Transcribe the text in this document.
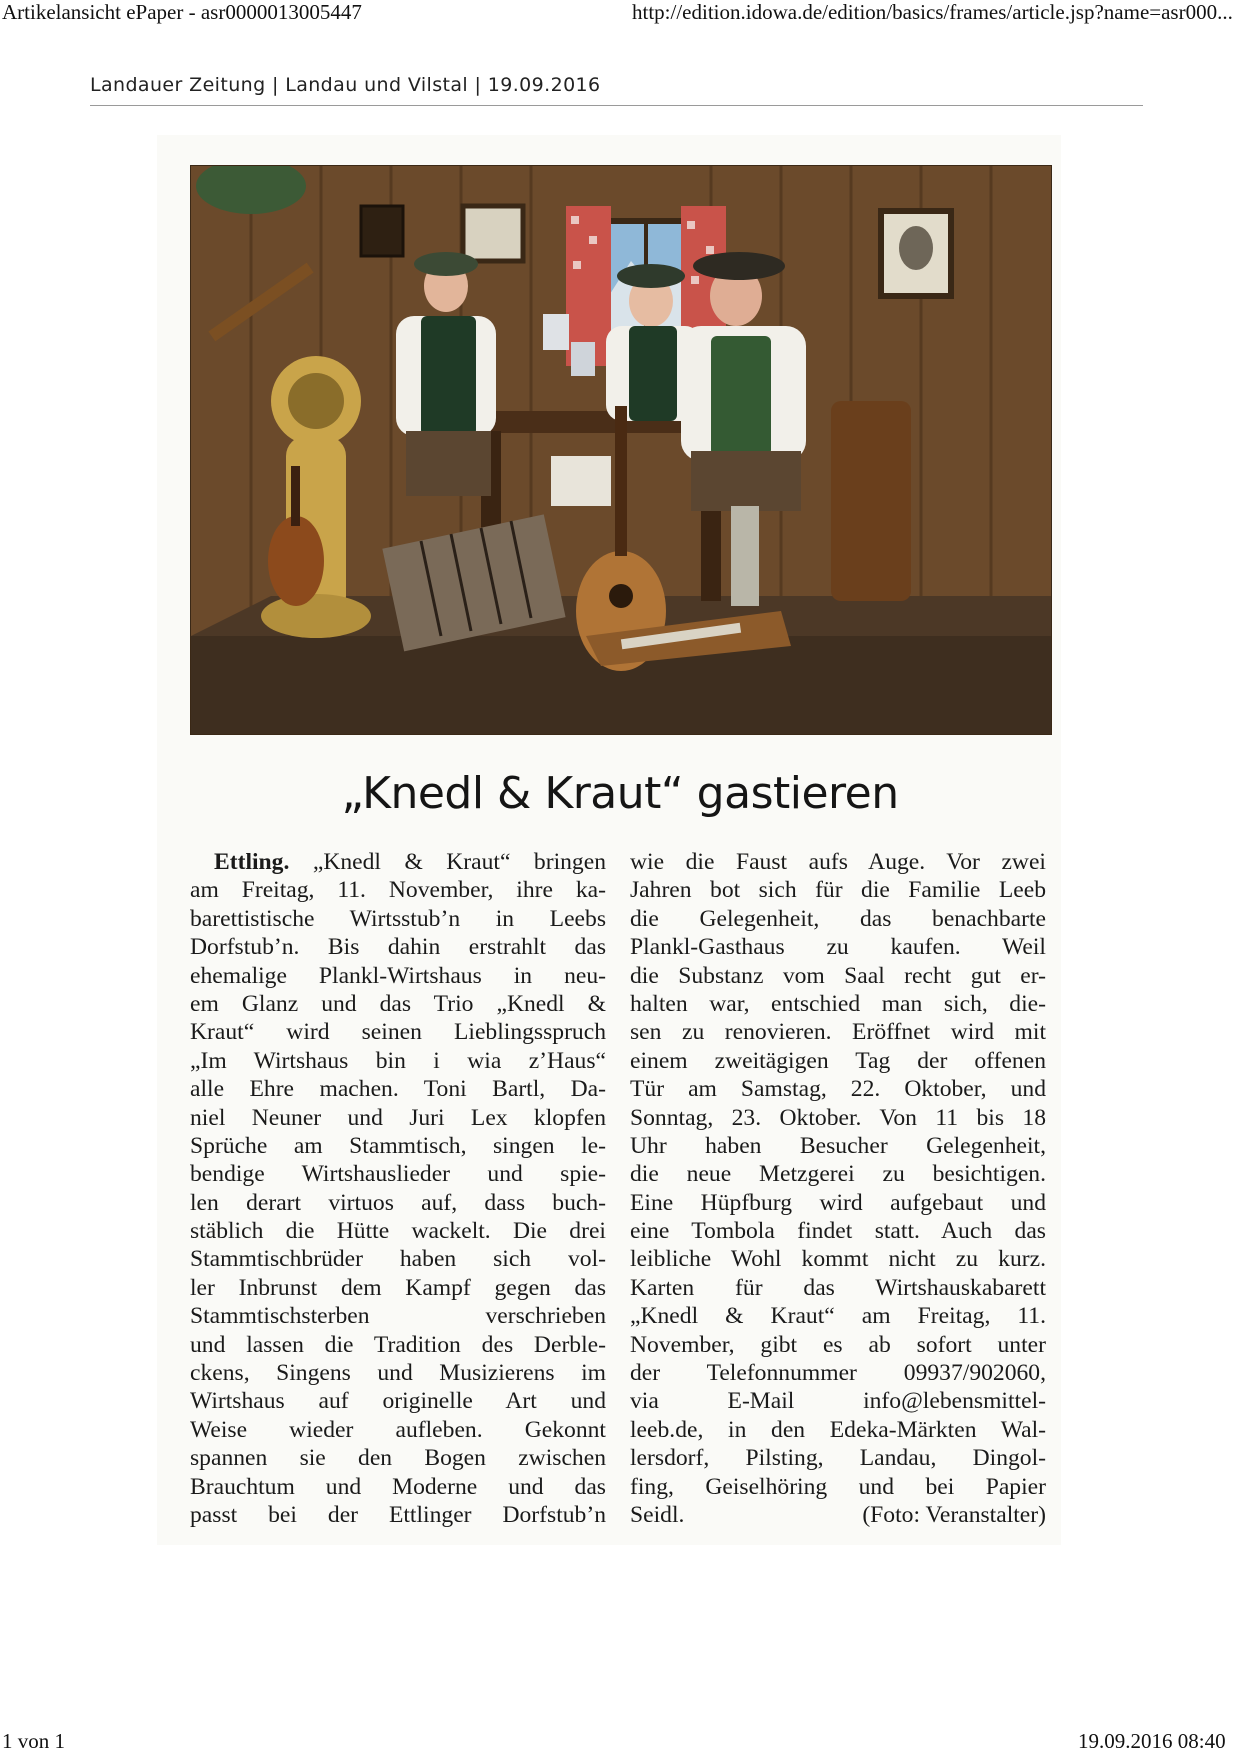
Artikelansicht ePaper - asr0000013005447	http://edition.idowa.de/edition/basics/frames/article.jsp?name=asr000...
Landauer Zeitung | Landau und Vilstal | 19.09.2016
„Knedl & Kraut“ gastieren
Ettling. „Knedl & Kraut“ bringen
am Freitag, 11. November, ihre ka-
barettistische Wirtsstub’n in Leebs
Dorfstub’n. Bis dahin erstrahlt das
ehemalige Plankl-Wirtshaus in neu-
em Glanz und das Trio „Knedl &
Kraut“ wird seinen Lieblingsspruch
„Im Wirtshaus bin i wia z’Haus“
alle Ehre machen. Toni Bartl, Da-
niel Neuner und Juri Lex klopfen
Sprüche am Stammtisch, singen le-
bendige Wirtshauslieder und spie-
len derart virtuos auf, dass buch-
stäblich die Hütte wackelt. Die drei
Stammtischbrüder haben sich vol-
ler Inbrunst dem Kampf gegen das
Stammtischsterben verschrieben
und lassen die Tradition des Derble-
ckens, Singens und Musizierens im
Wirtshaus auf originelle Art und
Weise wieder aufleben. Gekonnt
spannen sie den Bogen zwischen
Brauchtum und Moderne und das
passt bei der Ettlinger Dorfstub’n
wie die Faust aufs Auge. Vor zwei
Jahren bot sich für die Familie Leeb
die Gelegenheit, das benachbarte
Plankl-Gasthaus zu kaufen. Weil
die Substanz vom Saal recht gut er-
halten war, entschied man sich, die-
sen zu renovieren. Eröffnet wird mit
einem zweitägigen Tag der offenen
Tür am Samstag, 22. Oktober, und
Sonntag, 23. Oktober. Von 11 bis 18
Uhr haben Besucher Gelegenheit,
die neue Metzgerei zu besichtigen.
Eine Hüpfburg wird aufgebaut und
eine Tombola findet statt. Auch das
leibliche Wohl kommt nicht zu kurz.
Karten für das Wirtshauskabarett
„Knedl & Kraut“ am Freitag, 11.
November, gibt es ab sofort unter
der Telefonnummer 09937/902060,
via E-Mail info@lebensmittel-
leeb.de, in den Edeka-Märkten Wal-
lersdorf, Pilsting, Landau, Dingol-
fing, Geiselhöring und bei Papier
Seidl.	(Foto: Veranstalter)
1 von 1	19.09.2016 08:40
